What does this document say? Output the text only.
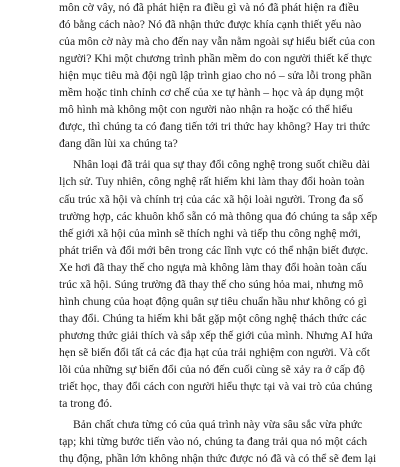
môn cờ vây, nó đã phát hiện ra điều gì và nó đã phát hiện ra điều
đó bằng cách nào? Nó đã nhận thức được khía cạnh thiết yếu nào
của môn cờ này mà cho đến nay vẫn nằm ngoài sự hiểu biết của con
người? Khi một chương trình phần mềm do con người thiết kế thực
hiện mục tiêu mà đội ngũ lập trình giao cho nó – sửa lỗi trong phần
mềm hoặc tinh chỉnh cơ chế của xe tự hành – học và áp dụng một
mô hình mà không một con người nào nhận ra hoặc có thể hiểu
được, thì chúng ta có đang tiến tới tri thức hay không? Hay tri thức
đang dần lùi xa chúng ta?
Nhân loại đã trải qua sự thay đổi công nghệ trong suốt chiều dài
lịch sử. Tuy nhiên, công nghệ rất hiếm khi làm thay đổi hoàn toàn
cấu trúc xã hội và chính trị của các xã hội loài người. Trong đa số
trường hợp, các khuôn khổ sẵn có mà thông qua đó chúng ta sắp xếp
thế giới xã hội của mình sẽ thích nghi và tiếp thu công nghệ mới,
phát triển và đổi mới bên trong các lĩnh vực có thể nhận biết được.
Xe hơi đã thay thế cho ngựa mà không làm thay đổi hoàn toàn cấu
trúc xã hội. Súng trường đã thay thế cho súng hỏa mai, nhưng mô
hình chung của hoạt động quân sự tiêu chuẩn hầu như không có gì
thay đổi. Chúng ta hiếm khi bắt gặp một công nghệ thách thức các
phương thức giải thích và sắp xếp thế giới của mình. Nhưng AI hứa
hẹn sẽ biến đổi tất cả các địa hạt của trải nghiệm con người. Và cốt
lõi của những sự biến đổi của nó đến cuối cùng sẽ xảy ra ở cấp độ
triết học, thay đổi cách con người hiểu thực tại và vai trò của chúng
ta trong đó.
Bản chất chưa từng có của quá trình này vừa sâu sắc vừa phức
tạp; khi từng bước tiến vào nó, chúng ta đang trải qua nó một cách
thụ động, phần lớn không nhận thức được nó đã và có thể sẽ đem lại
